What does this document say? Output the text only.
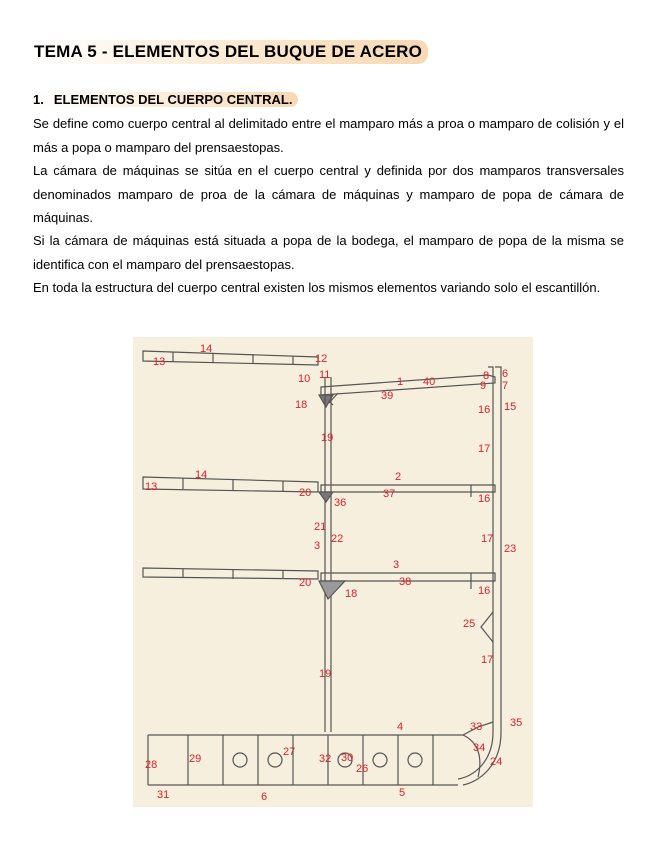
TEMA 5 - ELEMENTOS DEL BUQUE DE ACERO
1. ELEMENTOS DEL CUERPO CENTRAL.
Se define como cuerpo central al delimitado entre el mamparo más a proa o mamparo de colisión y el más a popa o mamparo del prensaestopas.
La cámara de máquinas se sitúa en el cuerpo central y definida por dos mamparos transversales denominados mamparo de proa de la cámara de máquinas y mamparo de popa de cámara de máquinas.
Si la cámara de máquinas está situada a popa de la bodega, el mamparo de popa de la misma se identifica con el mamparo del prensaestopas.
En toda la estructura del cuerpo central existen los mismos elementos variando solo el escantillón.
14
13	12
11
10	1 40	8
9
6
7
18
39
16 15
19
17
14
13
2
20
36
37	16
21
22
3
17
23
3
20
18
38
16
25
17
19
4	33	35
34
24
28	29
27
32 30
26
31	6	5
